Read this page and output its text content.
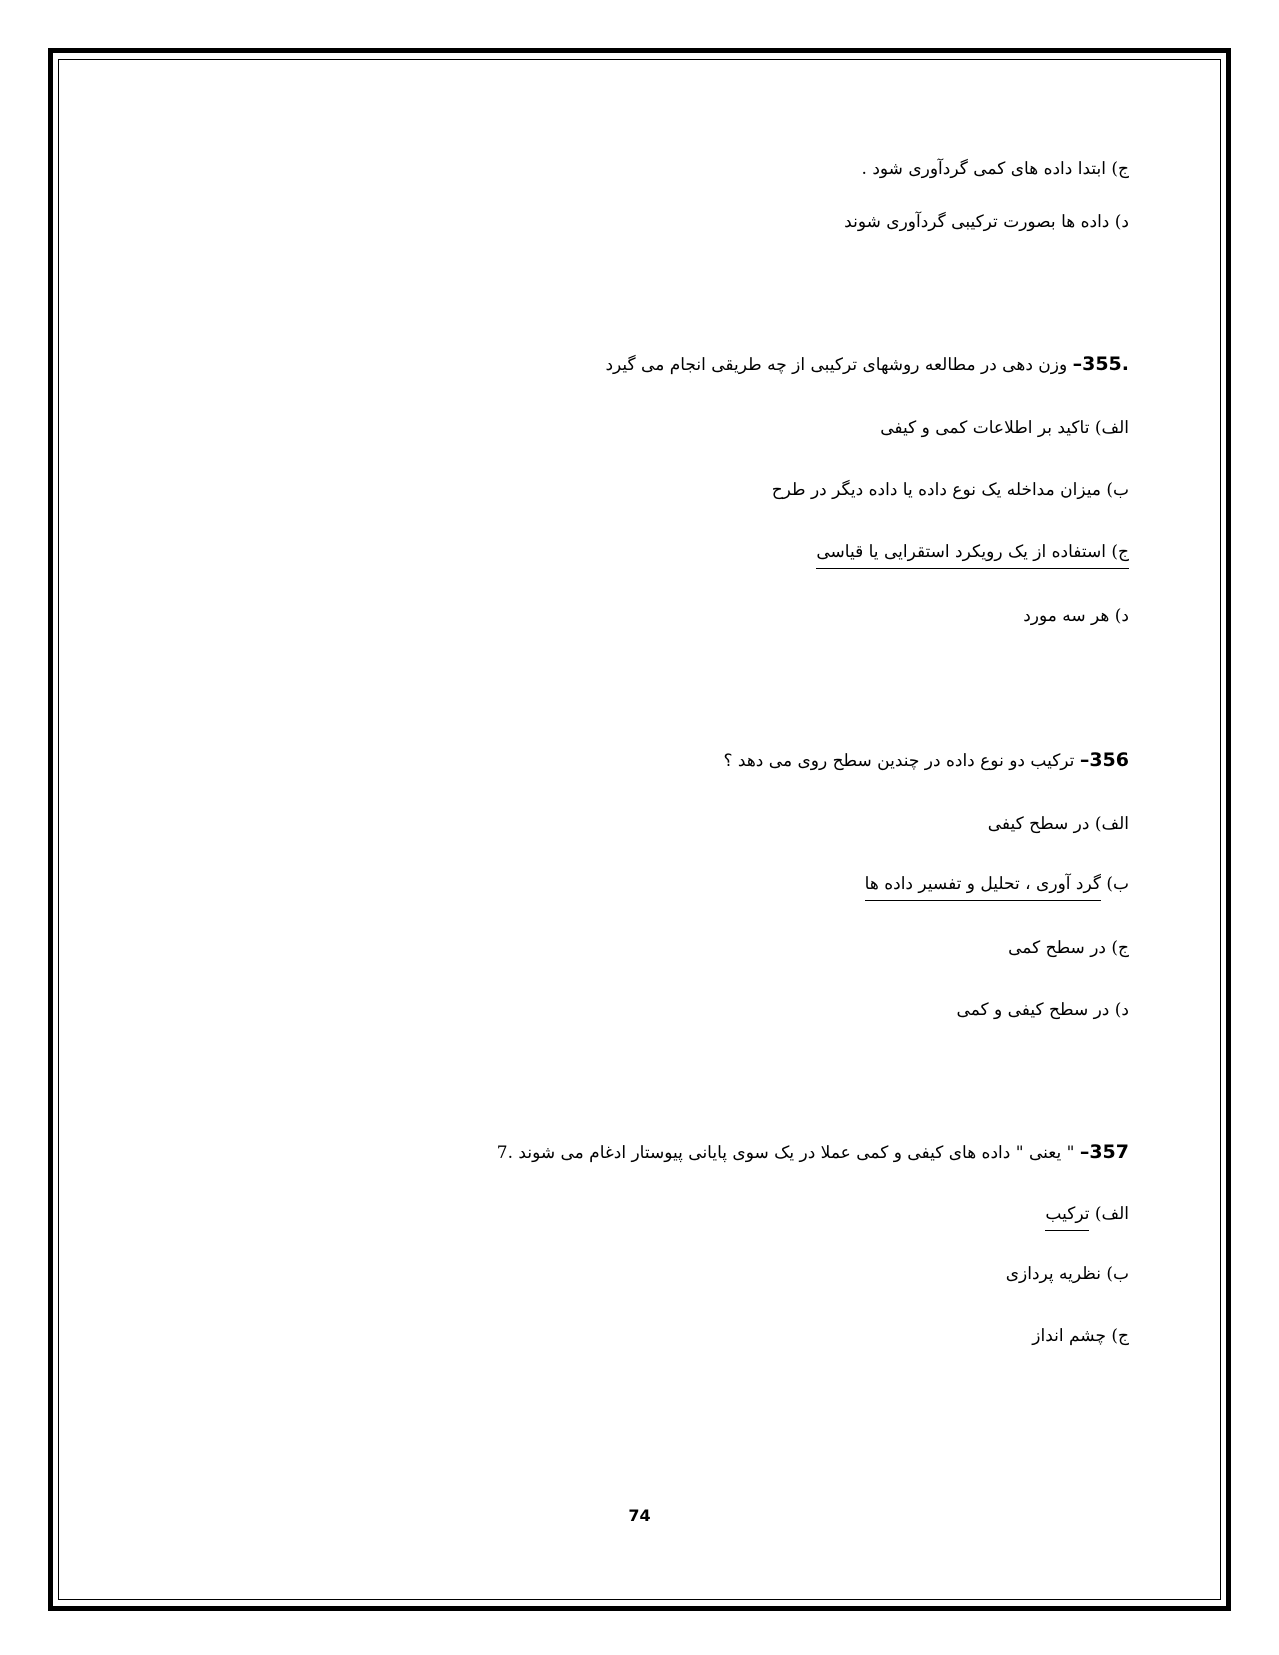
ج) ابتدا داده های کمی گردآوری شود .
د) داده ها بصورت ترکیبی گردآوری شوند
.355– وزن دهی در مطالعه روشهای ترکیبی از چه طریقی انجام می گیرد
الف) تاکید بر اطلاعات کمی و کیفی
ب) میزان مداخله یک نوع داده یا داده دیگر در طرح
ج) استفاده از یک رویکرد استقرایی یا قیاسی
د) هر سه مورد
356– ترکیب دو نوع داده در چندین سطح روی می دهد ؟
الف) در سطح کیفی
ب) گرد آوری ، تحلیل و تفسیر داده ها
ج) در سطح کمی
د) در سطح کیفی و کمی
357– " یعنی " داده های کیفی و کمی عملا در یک سوی پایانی پیوستار ادغام می شوند .7
الف) ترکیب
ب) نظریه پردازی
ج) چشم انداز
74
